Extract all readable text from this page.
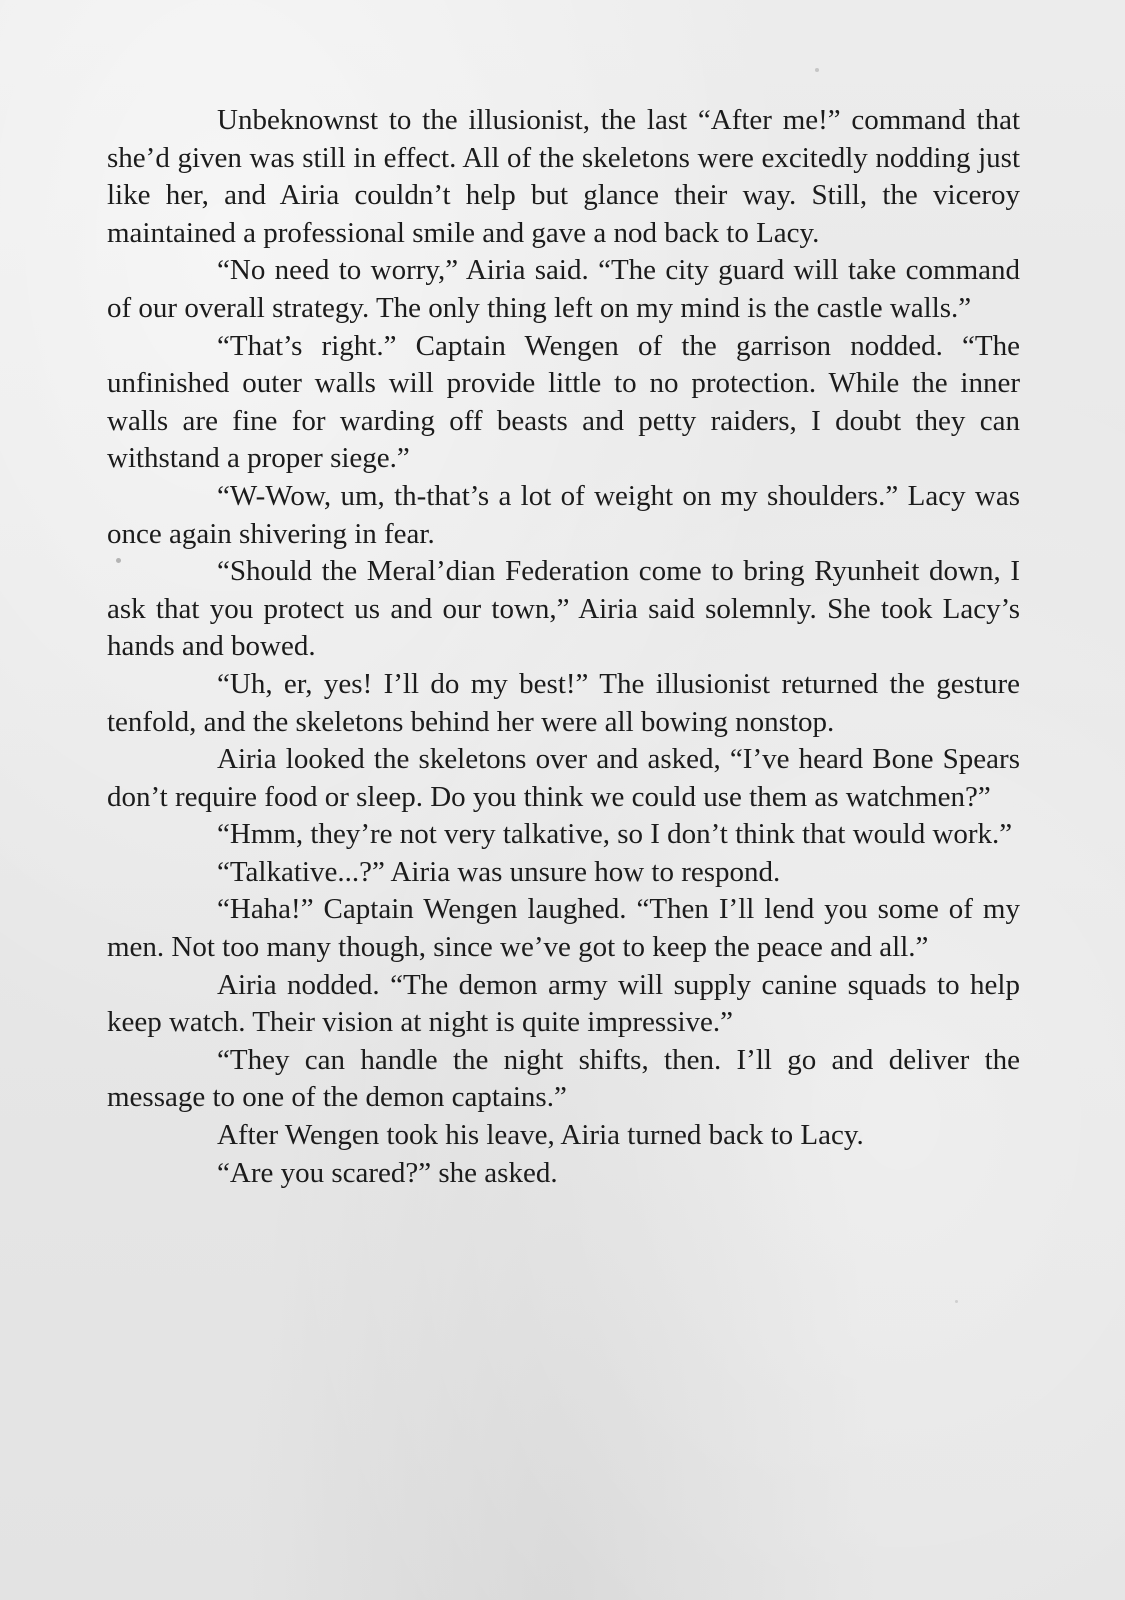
Unbeknownst to the illusionist, the last “After me!” command that she’d given was still in effect. All of the skeletons were excitedly nodding just like her, and Airia couldn’t help but glance their way. Still, the viceroy maintained a professional smile and gave a nod back to Lacy.

“No need to worry,” Airia said. “The city guard will take command of our overall strategy. The only thing left on my mind is the castle walls.”

“That’s right.” Captain Wengen of the garrison nodded. “The unfinished outer walls will provide little to no protection. While the inner walls are fine for warding off beasts and petty raiders, I doubt they can withstand a proper siege.”

“W-Wow, um, th-that’s a lot of weight on my shoulders.” Lacy was once again shivering in fear.

“Should the Meral’dian Federation come to bring Ryunheit down, I ask that you protect us and our town,” Airia said solemnly. She took Lacy’s hands and bowed.

“Uh, er, yes! I’ll do my best!” The illusionist returned the gesture tenfold, and the skeletons behind her were all bowing nonstop.

Airia looked the skeletons over and asked, “I’ve heard Bone Spears don’t require food or sleep. Do you think we could use them as watchmen?”

“Hmm, they’re not very talkative, so I don’t think that would work.”

“Talkative...?” Airia was unsure how to respond.

“Haha!” Captain Wengen laughed. “Then I’ll lend you some of my men. Not too many though, since we’ve got to keep the peace and all.”

Airia nodded. “The demon army will supply canine squads to help keep watch. Their vision at night is quite impressive.”

“They can handle the night shifts, then. I’ll go and deliver the message to one of the demon captains.”

After Wengen took his leave, Airia turned back to Lacy.

“Are you scared?” she asked.
